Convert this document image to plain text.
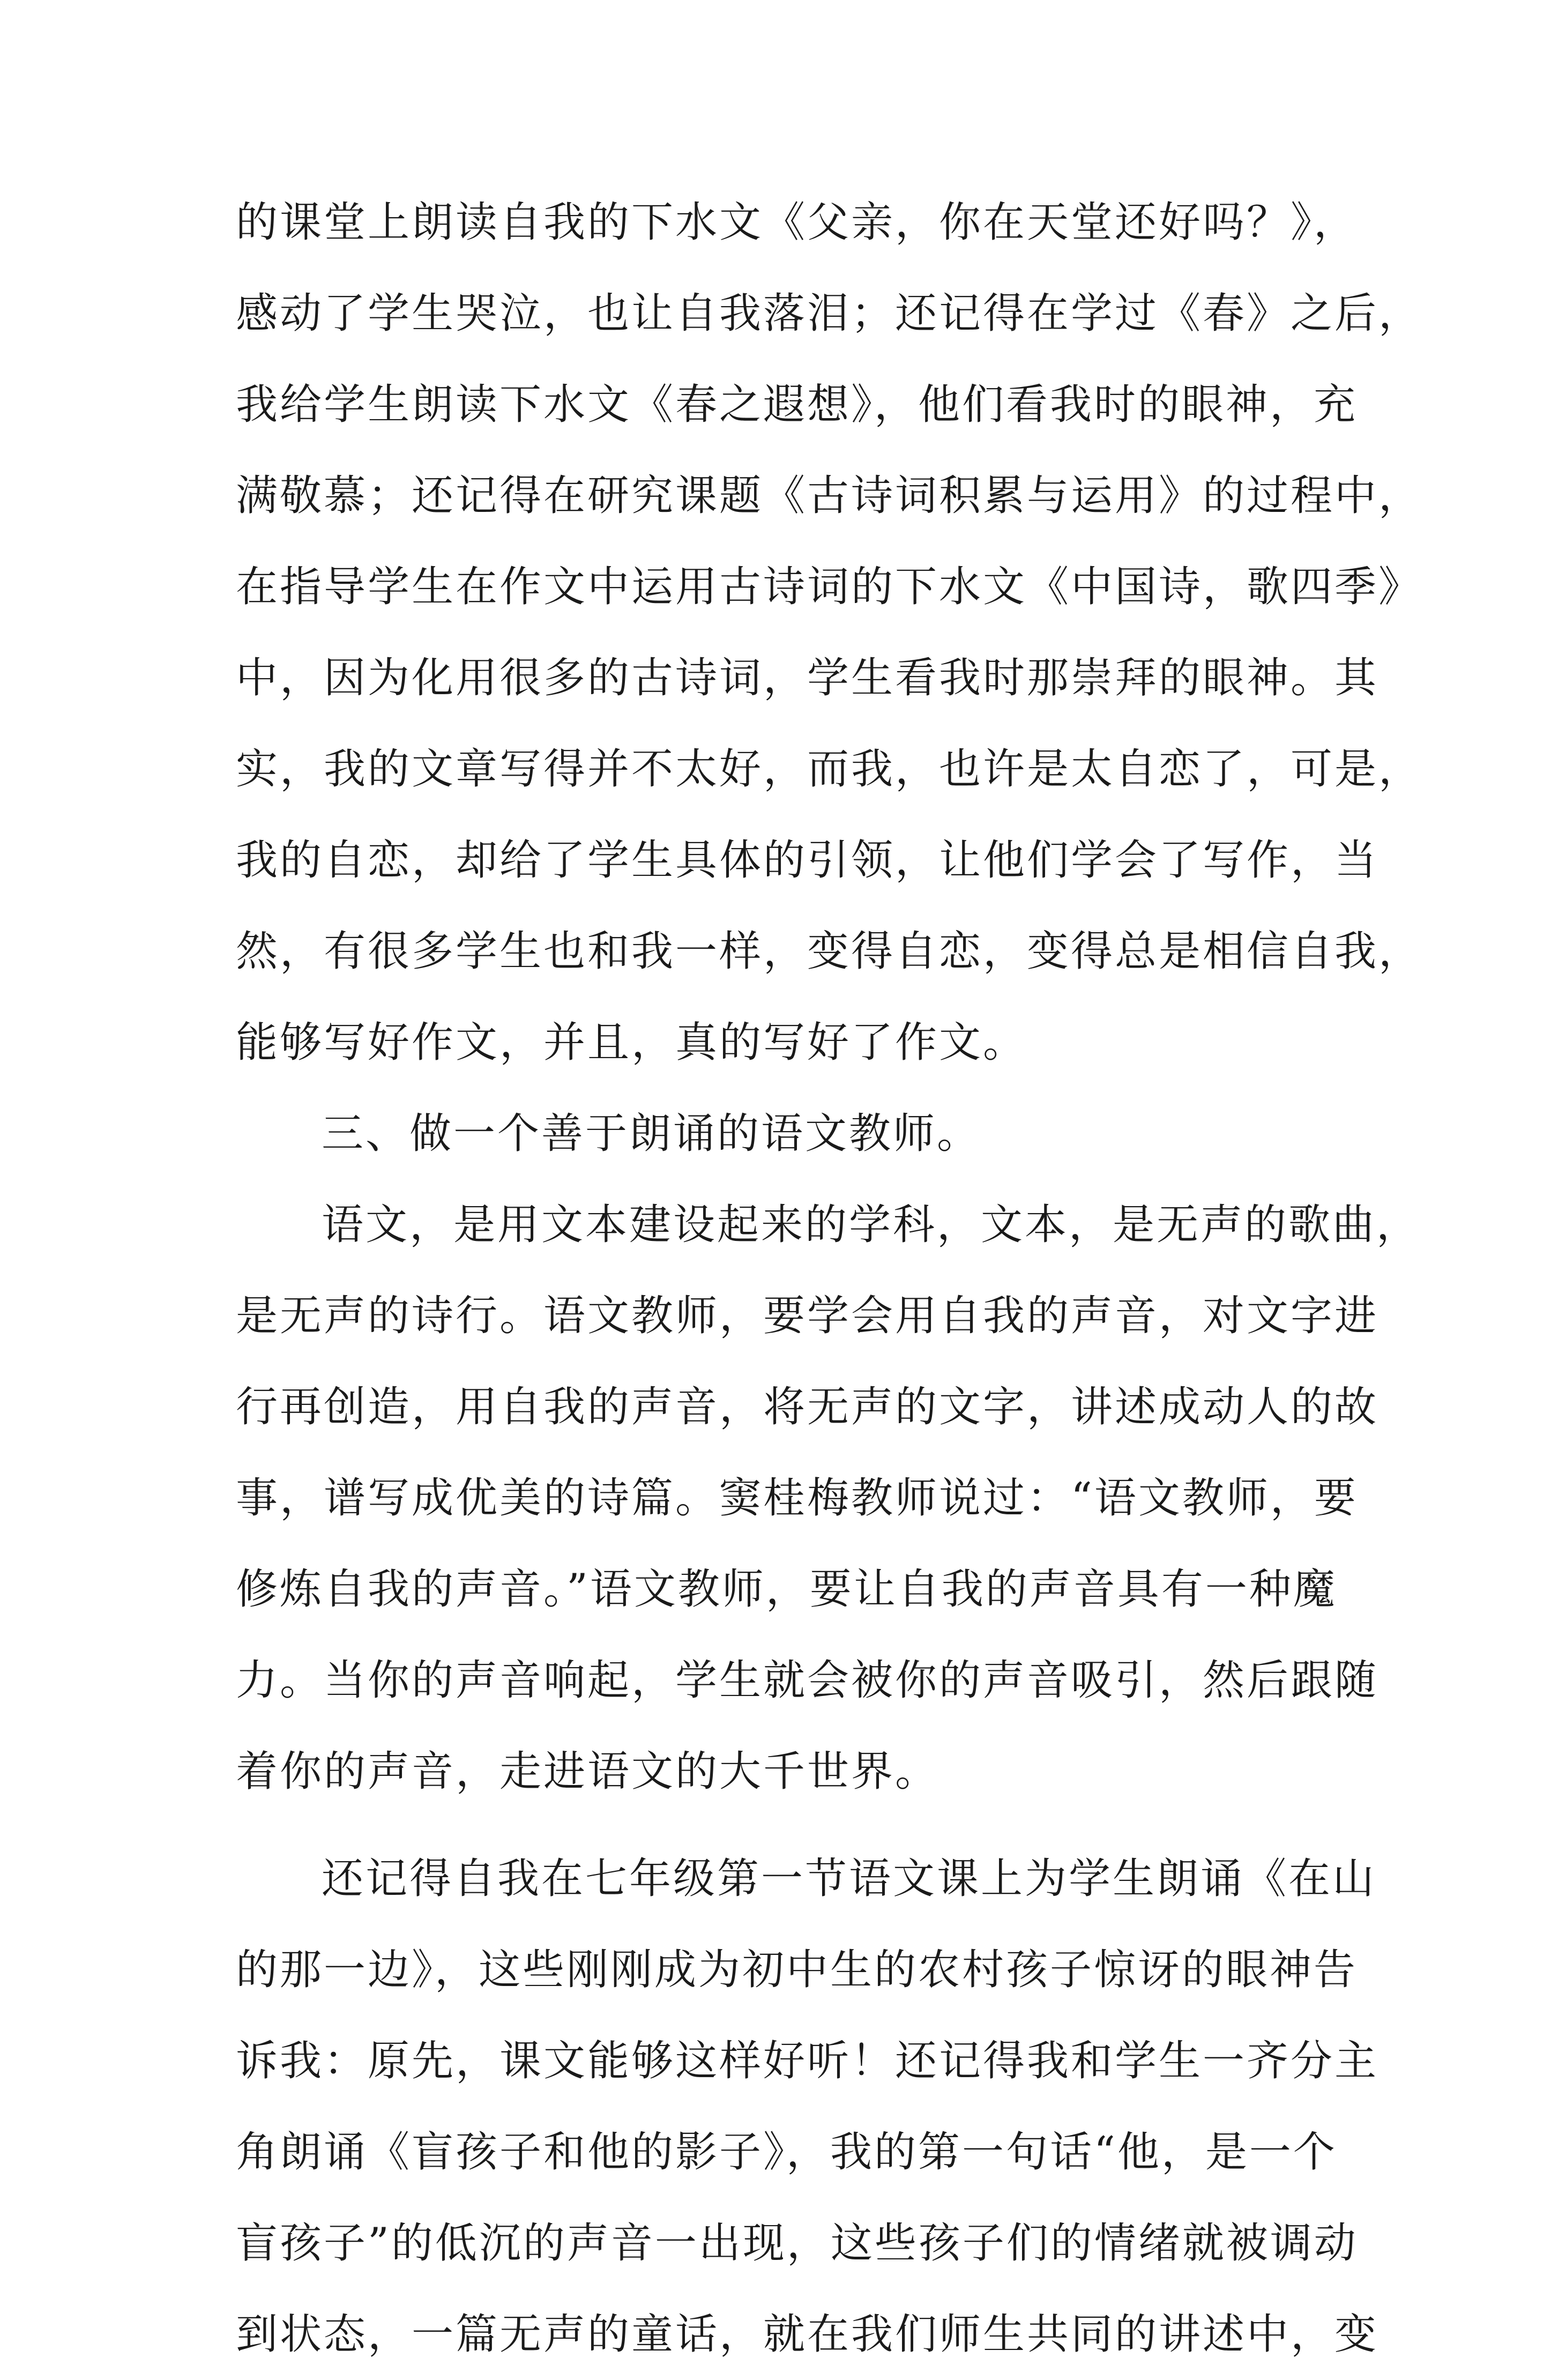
的课堂上朗读自我的下水文《父亲，你在天堂还好吗？》，
感动了学生哭泣，也让自我落泪；还记得在学过《春》之后，
我给学生朗读下水文《春之遐想》，他们看我时的眼神，充
满敬慕；还记得在研究课题《古诗词积累与运用》的过程中，
在指导学生在作文中运用古诗词的下水文《中国诗，歌四季》
中，因为化用很多的古诗词，学生看我时那崇拜的眼神。其
实，我的文章写得并不太好，而我，也许是太自恋了，可是，
我的自恋，却给了学生具体的引领，让他们学会了写作，当
然，有很多学生也和我一样，变得自恋，变得总是相信自我，
能够写好作文，并且，真的写好了作文。
三、做一个善于朗诵的语文教师。
语文，是用文本建设起来的学科，文本，是无声的歌曲，
是无声的诗行。语文教师，要学会用自我的声音，对文字进
行再创造，用自我的声音，将无声的文字，讲述成动人的故
事，谱写成优美的诗篇。窦桂梅教师说过：“语文教师，要
修炼自我的声音。”语文教师，要让自我的声音具有一种魔
力。当你的声音响起，学生就会被你的声音吸引，然后跟随
着你的声音，走进语文的大千世界。
还记得自我在七年级第一节语文课上为学生朗诵《在山
的那一边》，这些刚刚成为初中生的农村孩子惊讶的眼神告
诉我：原先，课文能够这样好听！还记得我和学生一齐分主
角朗诵《盲孩子和他的影子》，我的第一句话“他，是一个
盲孩子”的低沉的声音一出现，这些孩子们的情绪就被调动
到状态，一篇无声的童话，就在我们师生共同的讲述中，变
